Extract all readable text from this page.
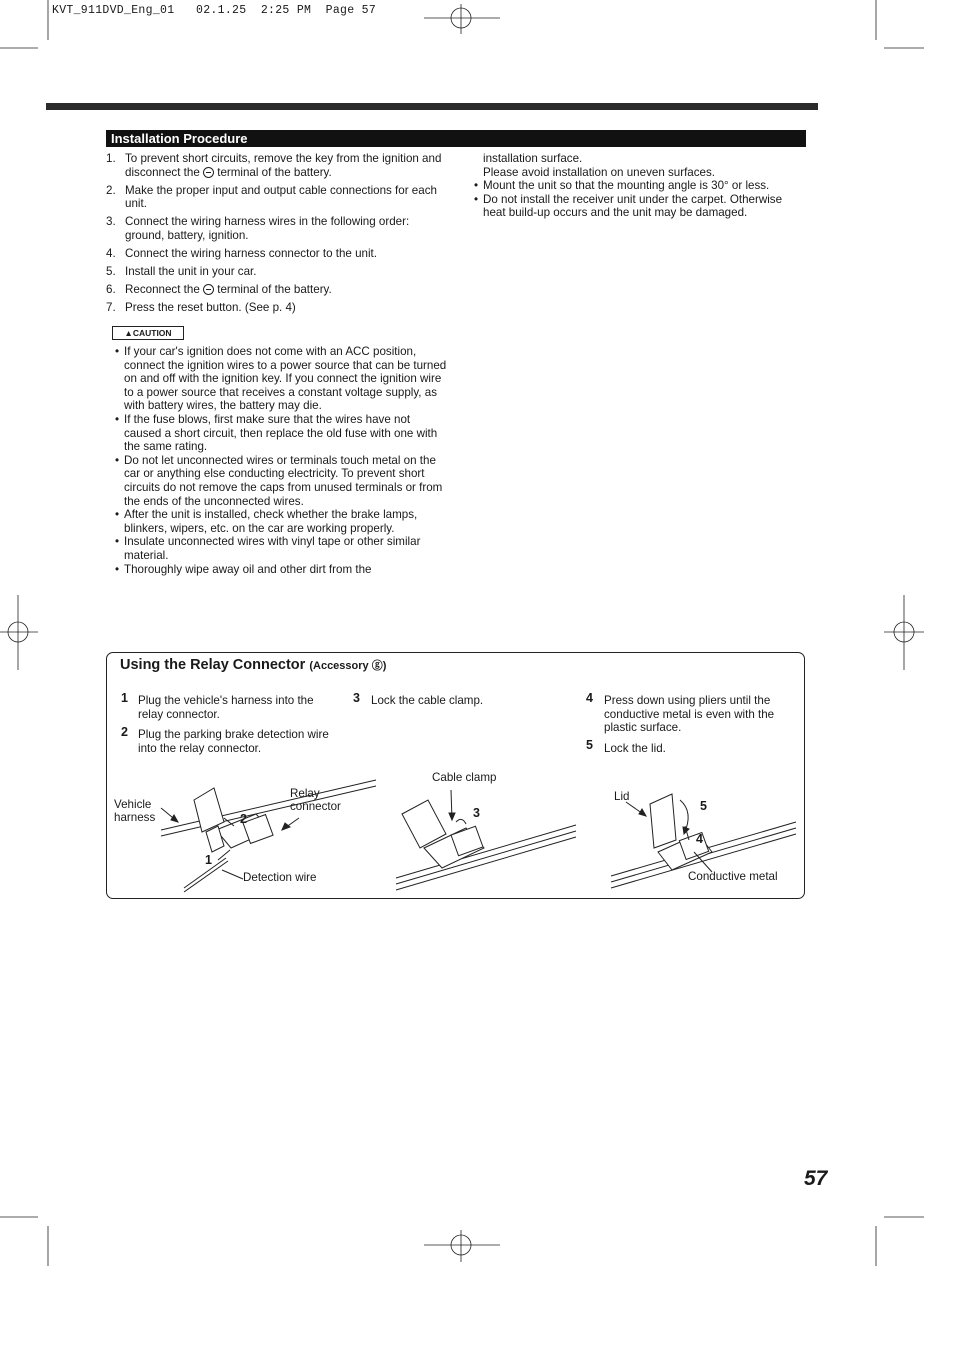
KVT_911DVD_Eng_01   02.1.25  2:25 PM  Page 57
Installation Procedure
1. To prevent short circuits, remove the key from the ignition and disconnect the  terminal of the battery.
2. Make the proper input and output cable connections for each unit.
3. Connect the wiring harness wires in the following order: ground, battery, ignition.
4. Connect the wiring harness connector to the unit.
5. Install the unit in your car.
6. Reconnect the  terminal of the battery.
7. Press the reset button. (See p. 4)
▲CAUTION
• If your car's ignition does not come with an ACC position, connect the ignition wires to a power source that can be turned on and off with the ignition key. If you connect the ignition wire to a power source that receives a constant voltage supply, as with battery wires, the battery may die.
• If the fuse blows, first make sure that the wires have not caused a short circuit, then replace the old fuse with one with the same rating.
• Do not let unconnected wires or terminals touch metal on the car or anything else conducting electricity. To prevent short circuits do not remove the caps from unused terminals or from the ends of the unconnected wires.
• After the unit is installed, check whether the brake lamps, blinkers, wipers, etc. on the car are working properly.
• Insulate unconnected wires with vinyl tape or other similar material.
• Thoroughly wipe away oil and other dirt from the
installation surface.
Please avoid installation on uneven surfaces.
• Mount the unit so that the mounting angle is 30° or less.
• Do not install the receiver unit under the carpet. Otherwise heat build-up occurs and the unit may be damaged.
Using the Relay Connector (Accessory ⓖ)
1 Plug the vehicle's harness into the relay connector.
2 Plug the parking brake detection wire into the relay connector.
3 Lock the cable clamp.	4 Press down using pliers until the conductive metal is even with the plastic surface.
5 Lock the lid.
Vehicle harness
Relay connector
Detection wire
Cable clamp
Lid
Conductive metal
1
2	3
4
5
57
